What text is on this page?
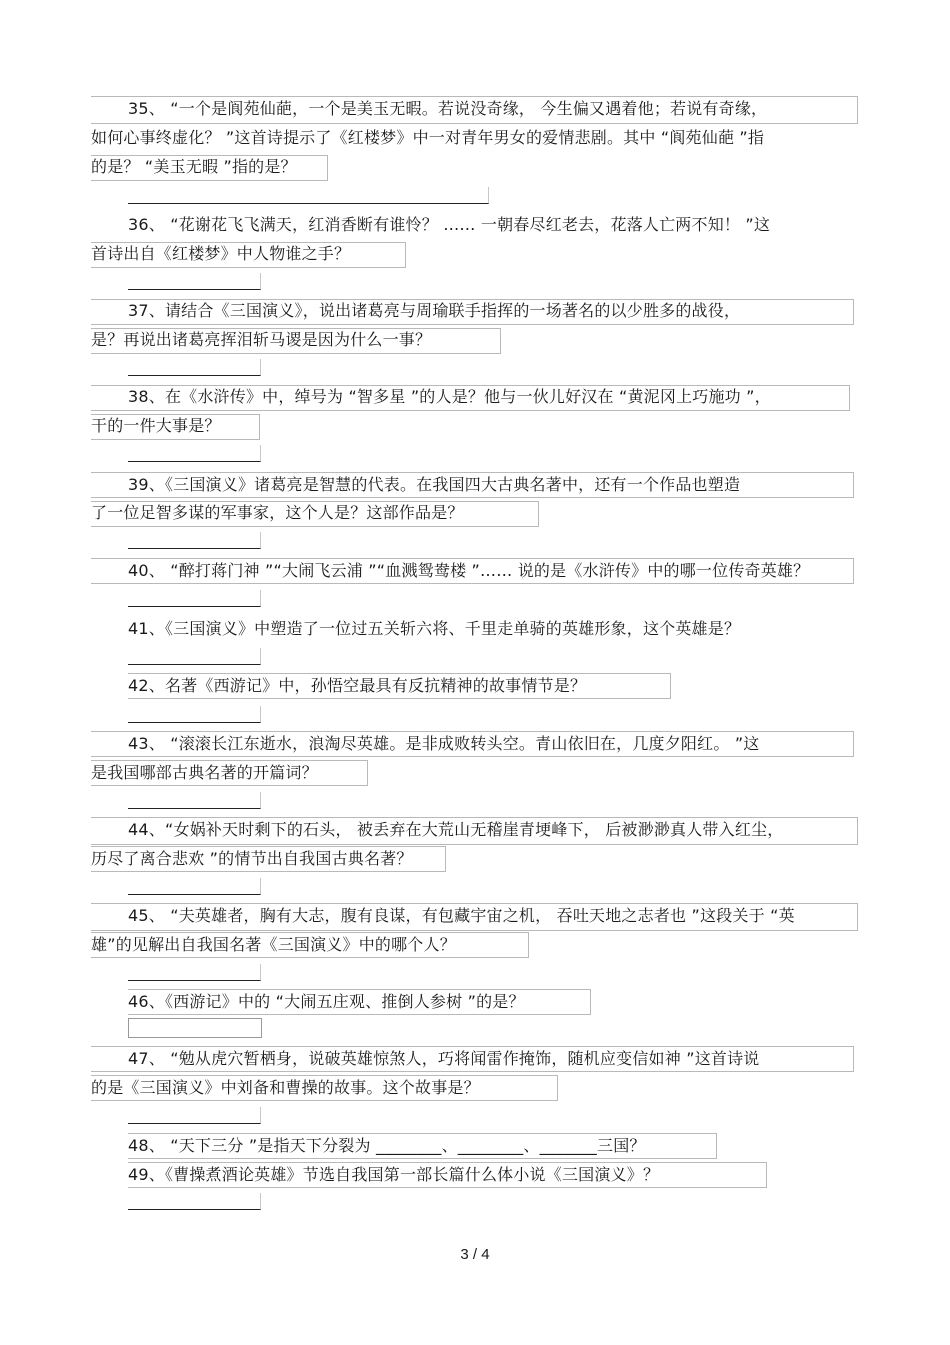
35、 “一个是阆苑仙葩，一个是美玉无暇。若说没奇缘， 今生偏又遇着他；若说有奇缘，
如何心事终虚化？ ”这首诗提示了《红楼梦》中一对青年男女的爱情悲剧。其中 “阆苑仙葩 ”指
的是？ “美玉无暇 ”指的是？
36、 “花谢花飞飞满天，红消香断有谁怜？ …… 一朝春尽红老去，花落人亡两不知！ ”这
首诗出自《红楼梦》中人物谁之手？
37、请结合《三国演义》，说出诸葛亮与周瑜联手指挥的一场著名的以少胜多的战役，
是？再说出诸葛亮挥泪斩马谡是因为什么一事？
38、在《水浒传》中，绰号为 “智多星 ”的人是？他与一伙儿好汉在 “黄泥冈上巧施功 ”，
干的一件大事是？
39、《三国演义》诸葛亮是智慧的代表。在我国四大古典名著中，还有一个作品也塑造
了一位足智多谋的军事家，这个人是？这部作品是？
40、 “醉打蒋门神 ”“大闹飞云浦 ”“血溅鸳鸯楼 ”…… 说的是《水浒传》中的哪一位传奇英雄？
41、《三国演义》中塑造了一位过五关斩六将、千里走单骑的英雄形象，这个英雄是？
42、名著《西游记》中，孙悟空最具有反抗精神的故事情节是？
43、 “滚滚长江东逝水，浪淘尽英雄。是非成败转头空。青山依旧在，几度夕阳红。 ”这
是我国哪部古典名著的开篇词？
44、“女娲补天时剩下的石头， 被丢弃在大荒山无稽崖青埂峰下， 后被渺渺真人带入红尘，
历尽了离合悲欢 ”的情节出自我国古典名著？
45、 “夫英雄者，胸有大志，腹有良谋，有包藏宇宙之机， 吞吐天地之志者也 ”这段关于 “英
雄”的见解出自我国名著《三国演义》中的哪个人？
46、《西游记》中的 “大闹五庄观、推倒人参树 ”的是？
47、 “勉从虎穴暂栖身，说破英雄惊煞人，巧将闻雷作掩饰，随机应变信如神 ”这首诗说
的是《三国演义》中刘备和曹操的故事。这个故事是？
48、 “天下三分 ”是指天下分裂为 ________、________、_______三国？
49、《曹操煮酒论英雄》节选自我国第一部长篇什么体小说《三国演义》？
3 / 4
